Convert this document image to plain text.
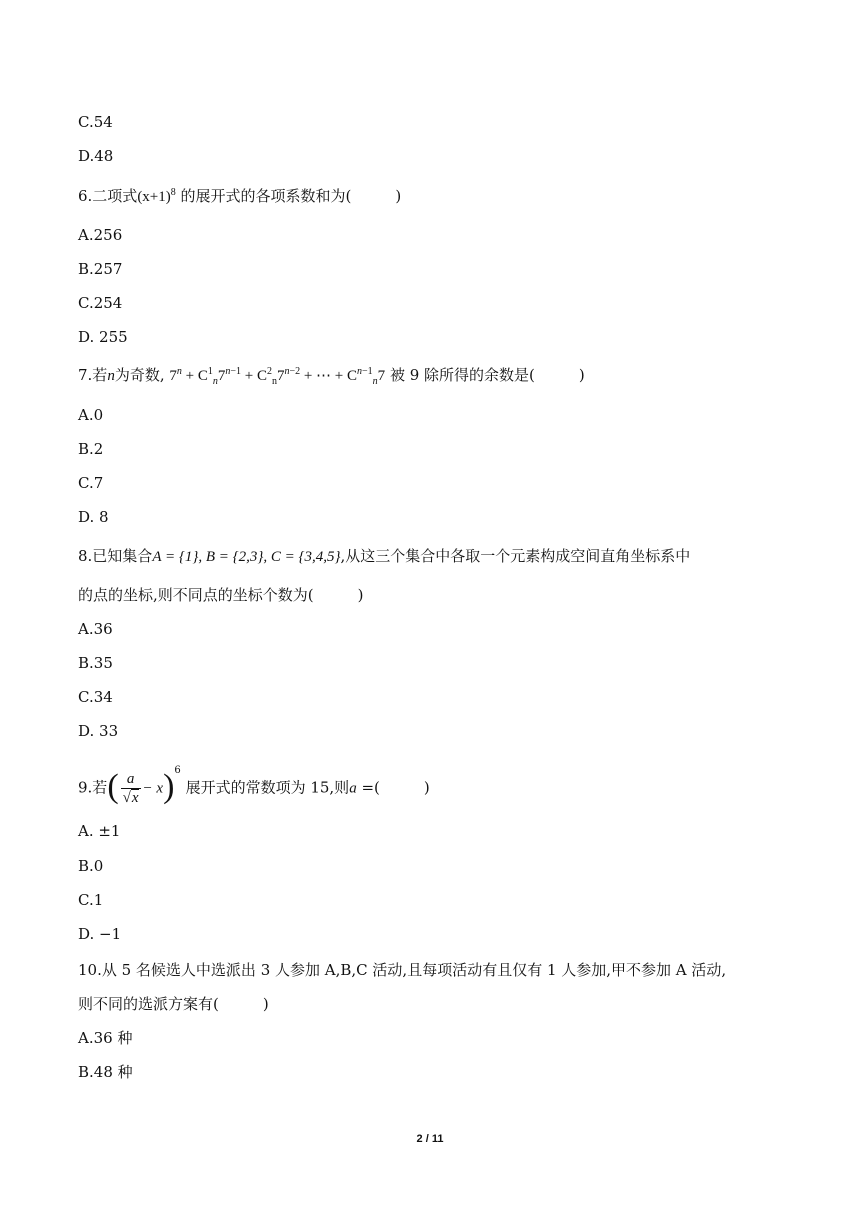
C.54
D.48
6.二项式$(x+1)^8$ 的展开式的各项系数和为(	)
A.256
B.257
C.254
D. 255
7.若n为奇数, $7^n + C^1_n7^{n-1} + C^2_n7^{n-2}$ + ⋯ + $C^{n-1}_n7$ 被 9 除所得的余数是(	)
A.0
B.2
C.7
D. 8
8.已知集合A = {1}, B = {2,3}, C = {3,4,5},从这三个集合中各取一个元素构成空间直角坐标系中
的点的坐标,则不同点的坐标个数为(	)
A.36
B.35
C.34
D. 33
9.若( $\frac{a}{√x} - x)^6$ 展开式的常数项为 15,则a =(	)
A. ±1
B.0
C.1
D. −1
10.从 5 名候选人中选派出 3 人参加 A,B,C 活动,且每项活动有且仅有 1 人参加,甲不参加 A 活动,
则不同的选派方案有(	)
A.36 种
B.48 种
2 / 11
